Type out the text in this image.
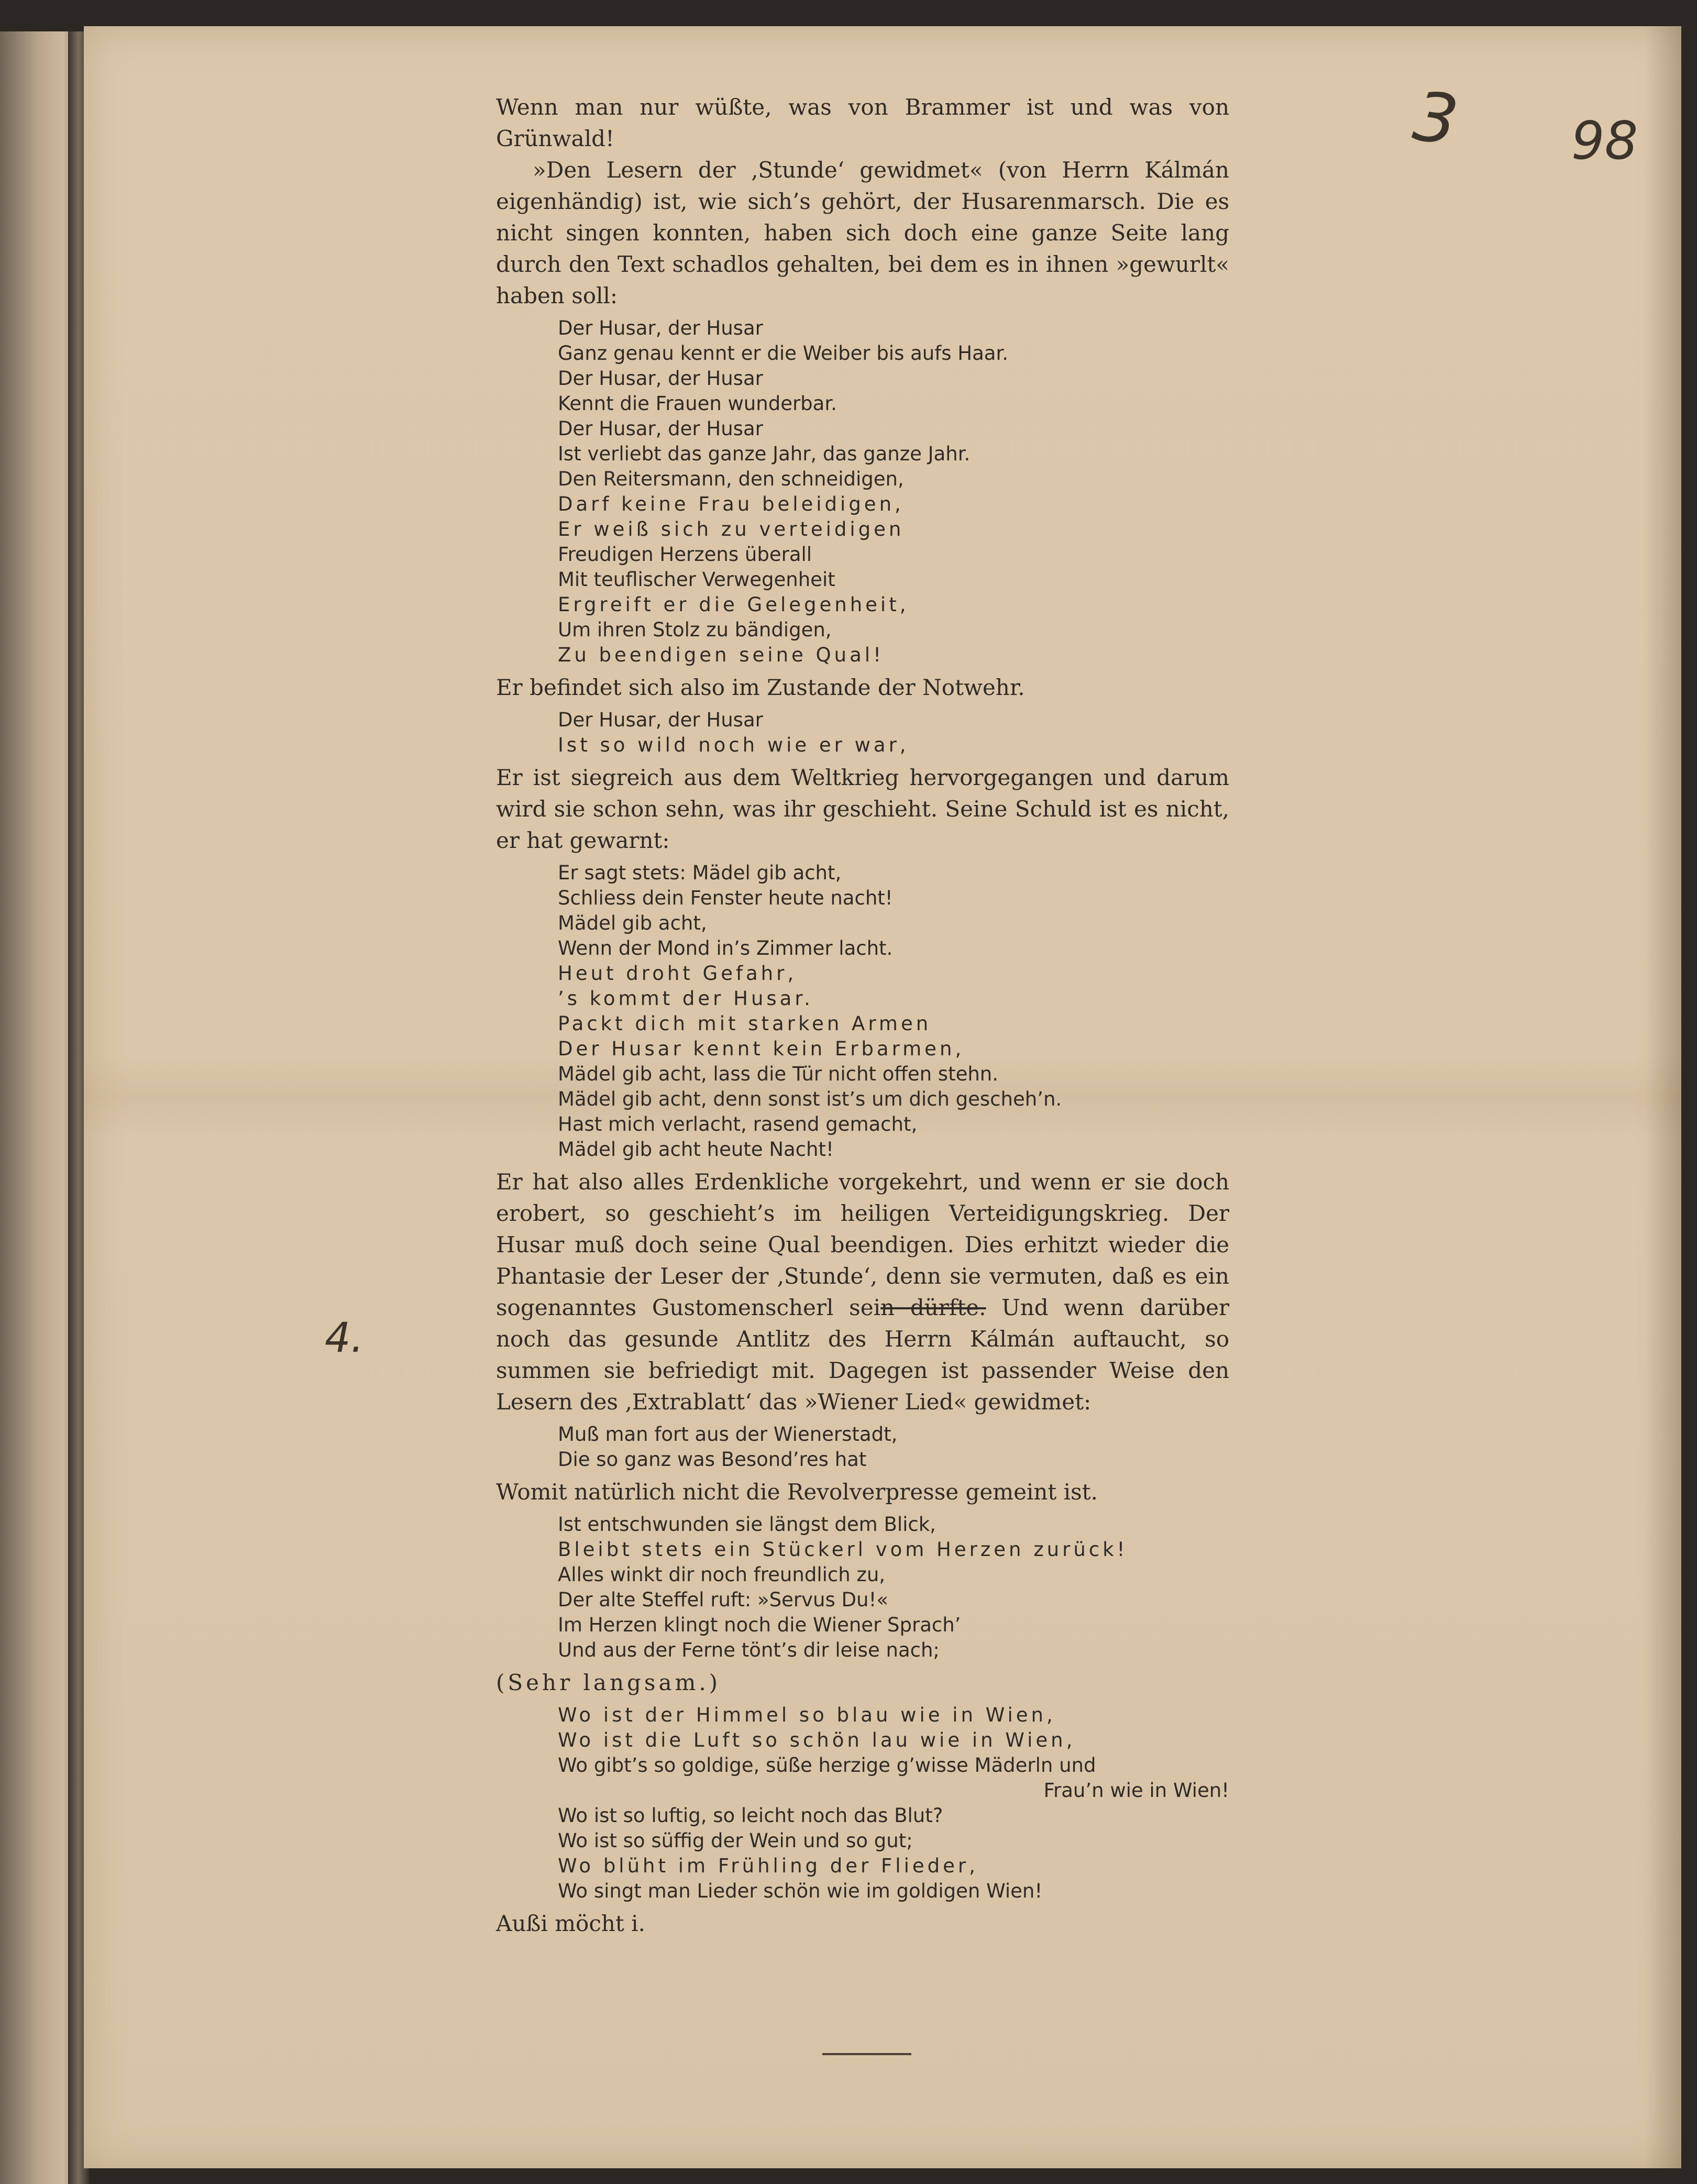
3 98
4.

Wenn man nur wüßte, was von Brammer ist und was von Grünwald!

»Den Lesern der ‚Stunde‘ gewidmet« (von Herrn Kálmán eigenhändig) ist, wie sich’s gehört, der Husarenmarsch. Die es nicht singen konnten, haben sich doch eine ganze Seite lang durch den Text schadlos gehalten, bei dem es in ihnen »gewurlt« haben soll:

Der Husar, der Husar
Ganz genau kennt er die Weiber bis aufs Haar.
Der Husar, der Husar
Kennt die Frauen wunderbar.
Der Husar, der Husar
Ist verliebt das ganze Jahr, das ganze Jahr.
Den Reitersmann, den schneidigen,
Darf keine Frau beleidigen,
Er weiß sich zu verteidigen
Freudigen Herzens überall
Mit teuflischer Verwegenheit
Ergreift er die Gelegenheit,
Um ihren Stolz zu bändigen,
Zu beendigen seine Qual!

Er befindet sich also im Zustande der Notwehr.

Der Husar, der Husar
Ist so wild noch wie er war,

Er ist siegreich aus dem Weltkrieg hervorgegangen und darum wird sie schon sehn, was ihr geschieht. Seine Schuld ist es nicht, er hat gewarnt:

Er sagt stets: Mädel gib acht,
Schliess dein Fenster heute nacht!
Mädel gib acht,
Wenn der Mond in’s Zimmer lacht.
Heut droht Gefahr,
’s kommt der Husar.
Packt dich mit starken Armen
Der Husar kennt kein Erbarmen,
Mädel gib acht, lass die Tür nicht offen stehn.
Mädel gib acht, denn sonst ist’s um dich gescheh’n.
Hast mich verlacht, rasend gemacht,
Mädel gib acht heute Nacht!

Er hat also alles Erdenkliche vorgekehrt, und wenn er sie doch erobert, so geschieht’s im heiligen Verteidigungskrieg. Der Husar muß doch seine Qual beendigen. Dies erhitzt wieder die Phantasie der Leser der ‚Stunde‘, denn sie vermuten, daß es ein sogenanntes Gustomenscherl sein dürfte. Und wenn darüber noch das gesunde Antlitz des Herrn Kálmán auftaucht, so summen sie befriedigt mit. Dagegen ist passender Weise den Lesern des ‚Extrablatt‘ das »Wiener Lied« gewidmet:

Muß man fort aus der Wienerstadt,
Die so ganz was Besond’res hat

Womit natürlich nicht die Revolverpresse gemeint ist.

Ist entschwunden sie längst dem Blick,
Bleibt stets ein Stückerl vom Herzen zurück!
Alles winkt dir noch freundlich zu,
Der alte Steffel ruft: »Servus Du!«
Im Herzen klingt noch die Wiener Sprach’
Und aus der Ferne tönt’s dir leise nach;

(Sehr langsam.)

Wo ist der Himmel so blau wie in Wien,
Wo ist die Luft so schön lau wie in Wien,
Wo gibt’s so goldige, süße herzige g’wisse Mäderln und
Frau’n wie in Wien!
Wo ist so luftig, so leicht noch das Blut?
Wo ist so süffig der Wein und so gut;
Wo blüht im Frühling der Flieder,
Wo singt man Lieder schön wie im goldigen Wien!

Außi möcht i.
